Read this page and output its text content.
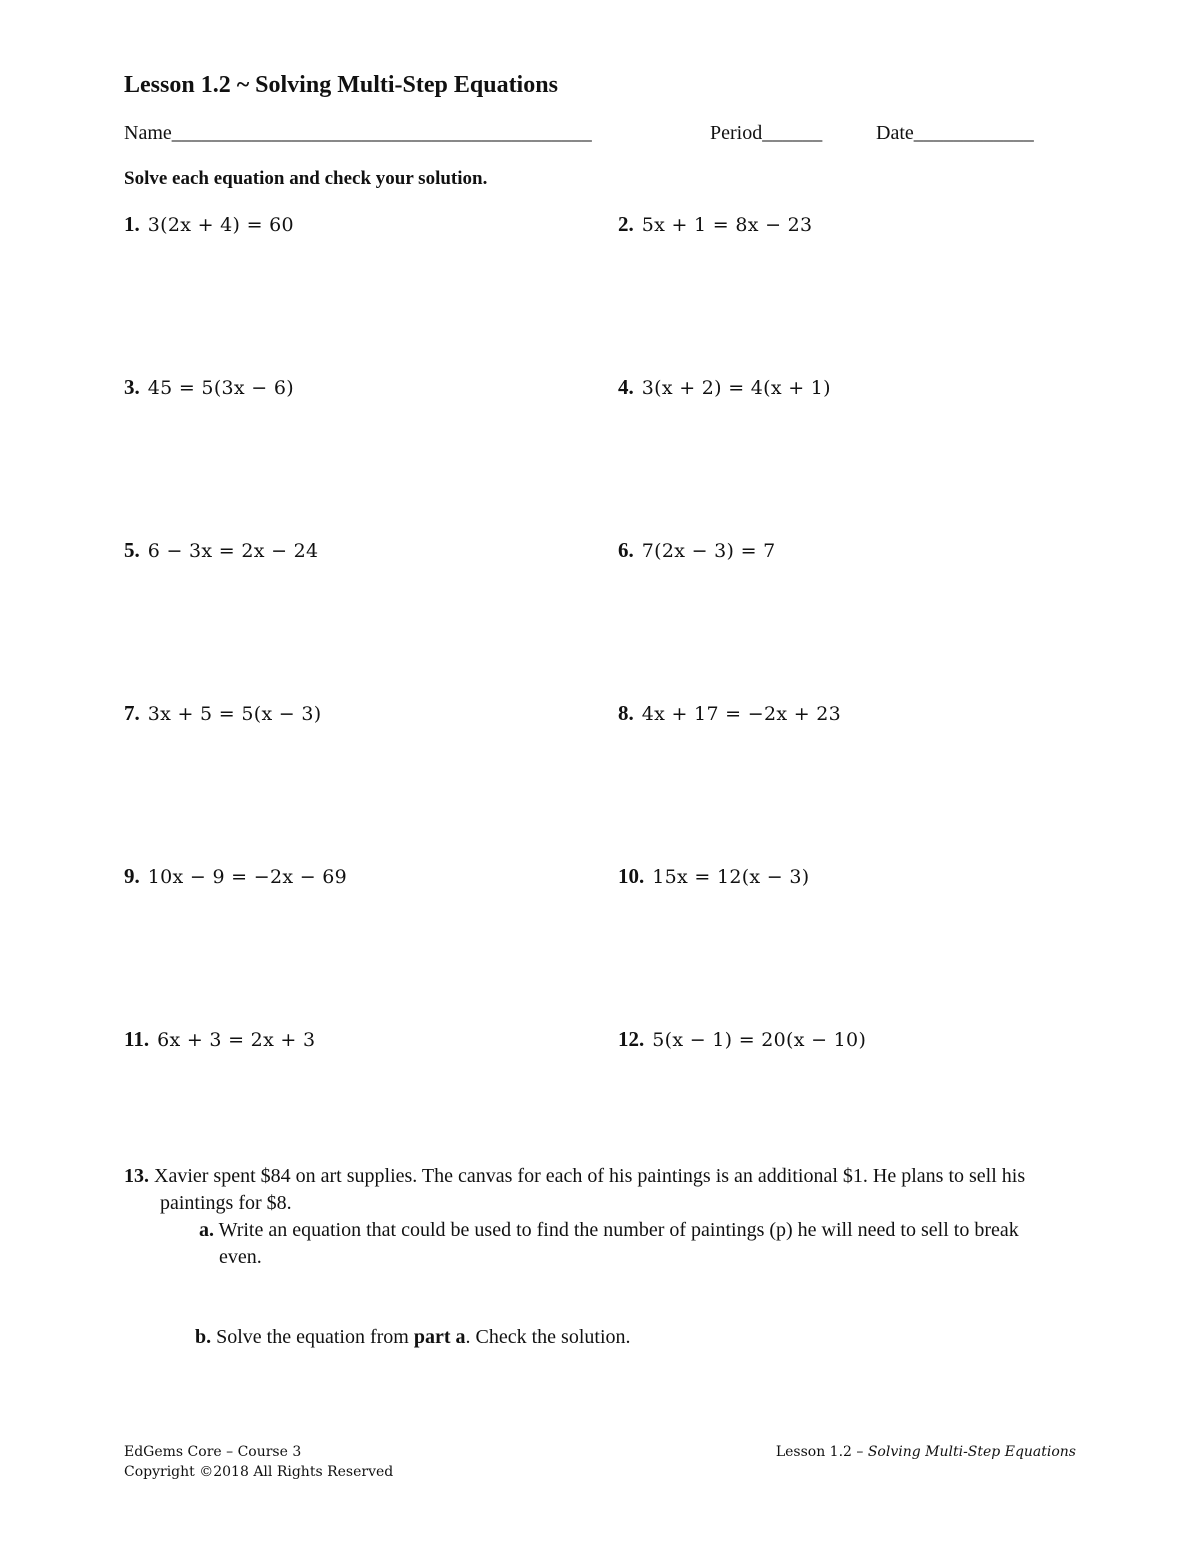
Lesson 1.2 ~ Solving Multi-Step Equations
Name__________________________________________	Period______	Date____________
Solve each equation and check your solution.
1. 3(2x + 4) = 60	2. 5x + 1 = 8x − 23
3. 45 = 5(3x − 6)	4. 3(x + 2) = 4(x + 1)
5. 6 − 3x = 2x − 24	6. 7(2x − 3) = 7
7. 3x + 5 = 5(x − 3)	8. 4x + 17 = −2x + 23
9. 10x − 9 = −2x − 69	10. 15x = 12(x − 3)
11. 6x + 3 = 2x + 3	12. 5(x − 1) = 20(x − 10)
13. Xavier spent $84 on art supplies. The canvas for each of his paintings is an additional $1. He plans to sell his paintings for $8.
a. Write an equation that could be used to find the number of paintings (p) he will need to sell to break even.
b. Solve the equation from part a. Check the solution.
EdGems Core – Course 3
Copyright ©2018 All Rights Reserved
Lesson 1.2 – Solving Multi-Step Equations
